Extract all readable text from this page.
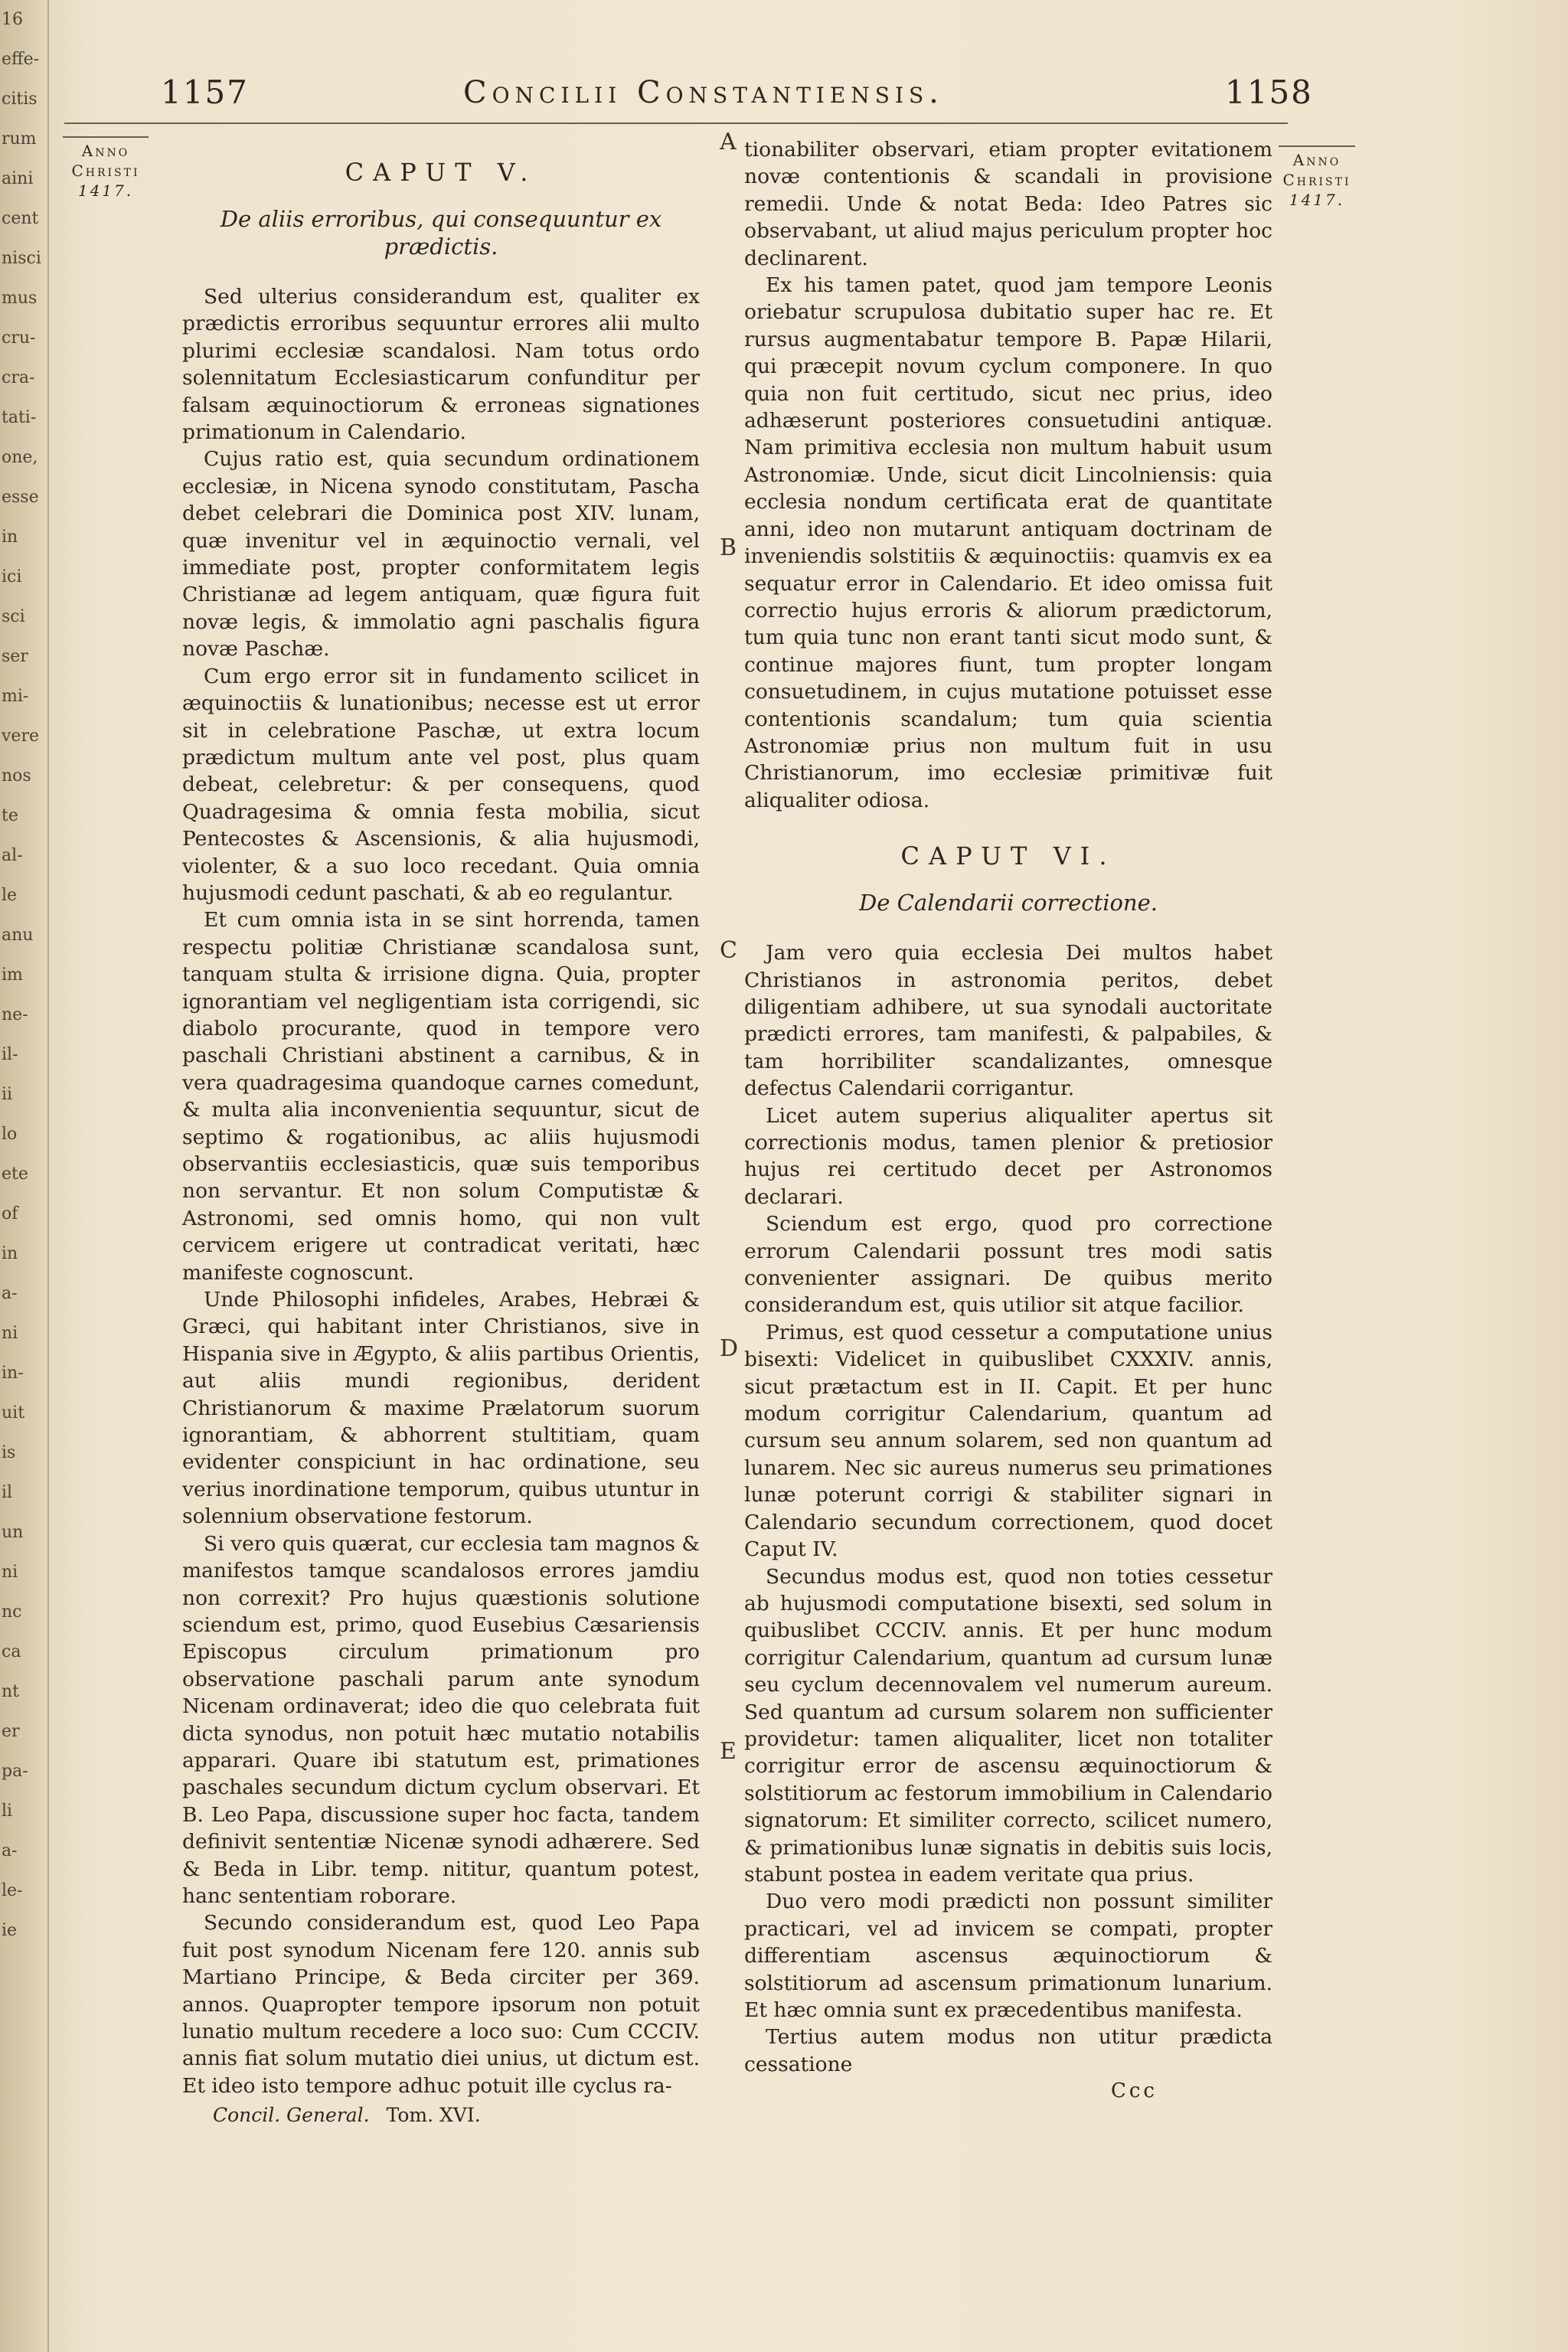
16
effe-
citis
rum
aini
cent
nisci
mus
cru-
cra-
tati-
one,
esse
in
ici
sci
ser
mi-
vere
nos
te
al-
le
anu
im
ne-
il-
ii
lo
ete
of
in
a-
ni
in-
uit
is
il
un
ni
nc
ca
nt
er
pa-
li
a-
le-
ie
1157	Concilii Constantiensis.	1158
Anno
Christi
1417.
Anno
Christi
1417.
A
B
C
D
E
CAPUT V.
De aliis erroribus, qui consequuntur ex prædictis.

Sed ulterius considerandum est, qualiter ex prædictis erroribus sequuntur errores alii multo plurimi ecclesiæ scandalosi. Nam totus ordo solennitatum Ecclesiasticarum confunditur per falsam æquinoctiorum & erroneas signationes primationum in Calendario.

Cujus ratio est, quia secundum ordinationem ecclesiæ, in Nicena synodo constitutam, Pascha debet celebrari die Dominica post XIV. lunam, quæ invenitur vel in æquinoctio vernali, vel immediate post, propter conformitatem legis Christianæ ad legem antiquam, quæ figura fuit novæ legis, & immolatio agni paschalis figura novæ Paschæ.

Cum ergo error sit in fundamento scilicet in æquinoctiis & lunationibus; necesse est ut error sit in celebratione Paschæ, ut extra locum prædictum multum ante vel post, plus quam debeat, celebretur: & per consequens, quod Quadragesima & omnia festa mobilia, sicut Pentecostes & Ascensionis, & alia hujusmodi, violenter, & a suo loco recedant. Quia omnia hujusmodi cedunt paschati, & ab eo regulantur.

Et cum omnia ista in se sint horrenda, tamen respectu politiæ Christianæ scandalosa sunt, tanquam stulta & irrisione digna. Quia, propter ignorantiam vel negligentiam ista corrigendi, sic diabolo procurante, quod in tempore vero paschali Christiani abstinent a carnibus, & in vera quadragesima quandoque carnes comedunt, & multa alia inconvenientia sequuntur, sicut de septimo & rogationibus, ac aliis hujusmodi observantiis ecclesiasticis, quæ suis temporibus non servantur. Et non solum Computistæ & Astronomi, sed omnis homo, qui non vult cervicem erigere ut contradicat veritati, hæc manifeste cognoscunt.

Unde Philosophi infideles, Arabes, Hebræi & Græci, qui habitant inter Christianos, sive in Hispania sive in Ægypto, & aliis partibus Orientis, aut aliis mundi regionibus, derident Christianorum & maxime Prælatorum suorum ignorantiam, & abhorrent stultitiam, quam evidenter conspiciunt in hac ordinatione, seu verius inordinatione temporum, quibus utuntur in solennium observatione festorum.

Si vero quis quærat, cur ecclesia tam magnos & manifestos tamque scandalosos errores jamdiu non correxit? Pro hujus quæstionis solutione sciendum est, primo, quod Eusebius Cæsariensis Episcopus circulum primationum pro observatione paschali parum ante synodum Nicenam ordinaverat; ideo die quo celebrata fuit dicta synodus, non potuit hæc mutatio notabilis apparari. Quare ibi statutum est, primationes paschales secundum dictum cyclum observari. Et B. Leo Papa, discussione super hoc facta, tandem definivit sententiæ Nicenæ synodi adhærere. Sed & Beda in Libr. temp. nititur, quantum potest, hanc sententiam roborare.

Secundo considerandum est, quod Leo Papa fuit post synodum Nicenam fere 120. annis sub Martiano Principe, & Beda circiter per 369. annos. Quapropter tempore ipsorum non potuit lunatio multum recedere a loco suo: Cum CCCIV. annis fiat solum mutatio diei unius, ut dictum est. Et ideo isto tempore adhuc potuit ille cyclus ra-

Concil. General. Tom. XVI.

tionabiliter observari, etiam propter evitationem novæ contentionis & scandali in provisione remedii. Unde & notat Beda: Ideo Patres sic observabant, ut aliud majus periculum propter hoc declinarent.

Ex his tamen patet, quod jam tempore Leonis oriebatur scrupulosa dubitatio super hac re. Et rursus augmentabatur tempore B. Papæ Hilarii, qui præcepit novum cyclum componere. In quo quia non fuit certitudo, sicut nec prius, ideo adhæserunt posteriores consuetudini antiquæ. Nam primitiva ecclesia non multum habuit usum Astronomiæ. Unde, sicut dicit Lincolniensis: quia ecclesia nondum certificata erat de quantitate anni, ideo non mutarunt antiquam doctrinam de inveniendis solstitiis & æquinoctiis: quamvis ex ea sequatur error in Calendario. Et ideo omissa fuit correctio hujus erroris & aliorum prædictorum, tum quia tunc non erant tanti sicut modo sunt, & continue majores fiunt, tum propter longam consuetudinem, in cujus mutatione potuisset esse contentionis scandalum; tum quia scientia Astronomiæ prius non multum fuit in usu Christianorum, imo ecclesiæ primitivæ fuit aliqualiter odiosa.

CAPUT VI.
De Calendarii correctione.

Jam vero quia ecclesia Dei multos habet Christianos in astronomia peritos, debet diligentiam adhibere, ut sua synodali auctoritate prædicti errores, tam manifesti, & palpabiles, & tam horribiliter scandalizantes, omnesque defectus Calendarii corrigantur.

Licet autem superius aliqualiter apertus sit correctionis modus, tamen plenior & pretiosior hujus rei certitudo decet per Astronomos declarari.

Sciendum est ergo, quod pro correctione errorum Calendarii possunt tres modi satis convenienter assignari. De quibus merito considerandum est, quis utilior sit atque facilior.

Primus, est quod cessetur a computatione unius bisexti: Videlicet in quibuslibet CXXXIV. annis, sicut prætactum est in II. Capit. Et per hunc modum corrigitur Calendarium, quantum ad cursum seu annum solarem, sed non quantum ad lunarem. Nec sic aureus numerus seu primationes lunæ poterunt corrigi & stabiliter signari in Calendario secundum correctionem, quod docet Caput IV.

Secundus modus est, quod non toties cessetur ab hujusmodi computatione bisexti, sed solum in quibuslibet CCCIV. annis. Et per hunc modum corrigitur Calendarium, quantum ad cursum lunæ seu cyclum decennovalem vel numerum aureum. Sed quantum ad cursum solarem non sufficienter providetur: tamen aliqualiter, licet non totaliter corrigitur error de ascensu æquinoctiorum & solstitiorum ac festorum immobilium in Calendario signatorum: Et similiter correcto, scilicet numero, & primationibus lunæ signatis in debitis suis locis, stabunt postea in eadem veritate qua prius.

Duo vero modi prædicti non possunt similiter practicari, vel ad invicem se compati, propter differentiam ascensus æquinoctiorum & solstitiorum ad ascensum primationum lunarium. Et hæc omnia sunt ex præcedentibus manifesta.

Tertius autem modus non utitur prædicta cessatione

Ccc
